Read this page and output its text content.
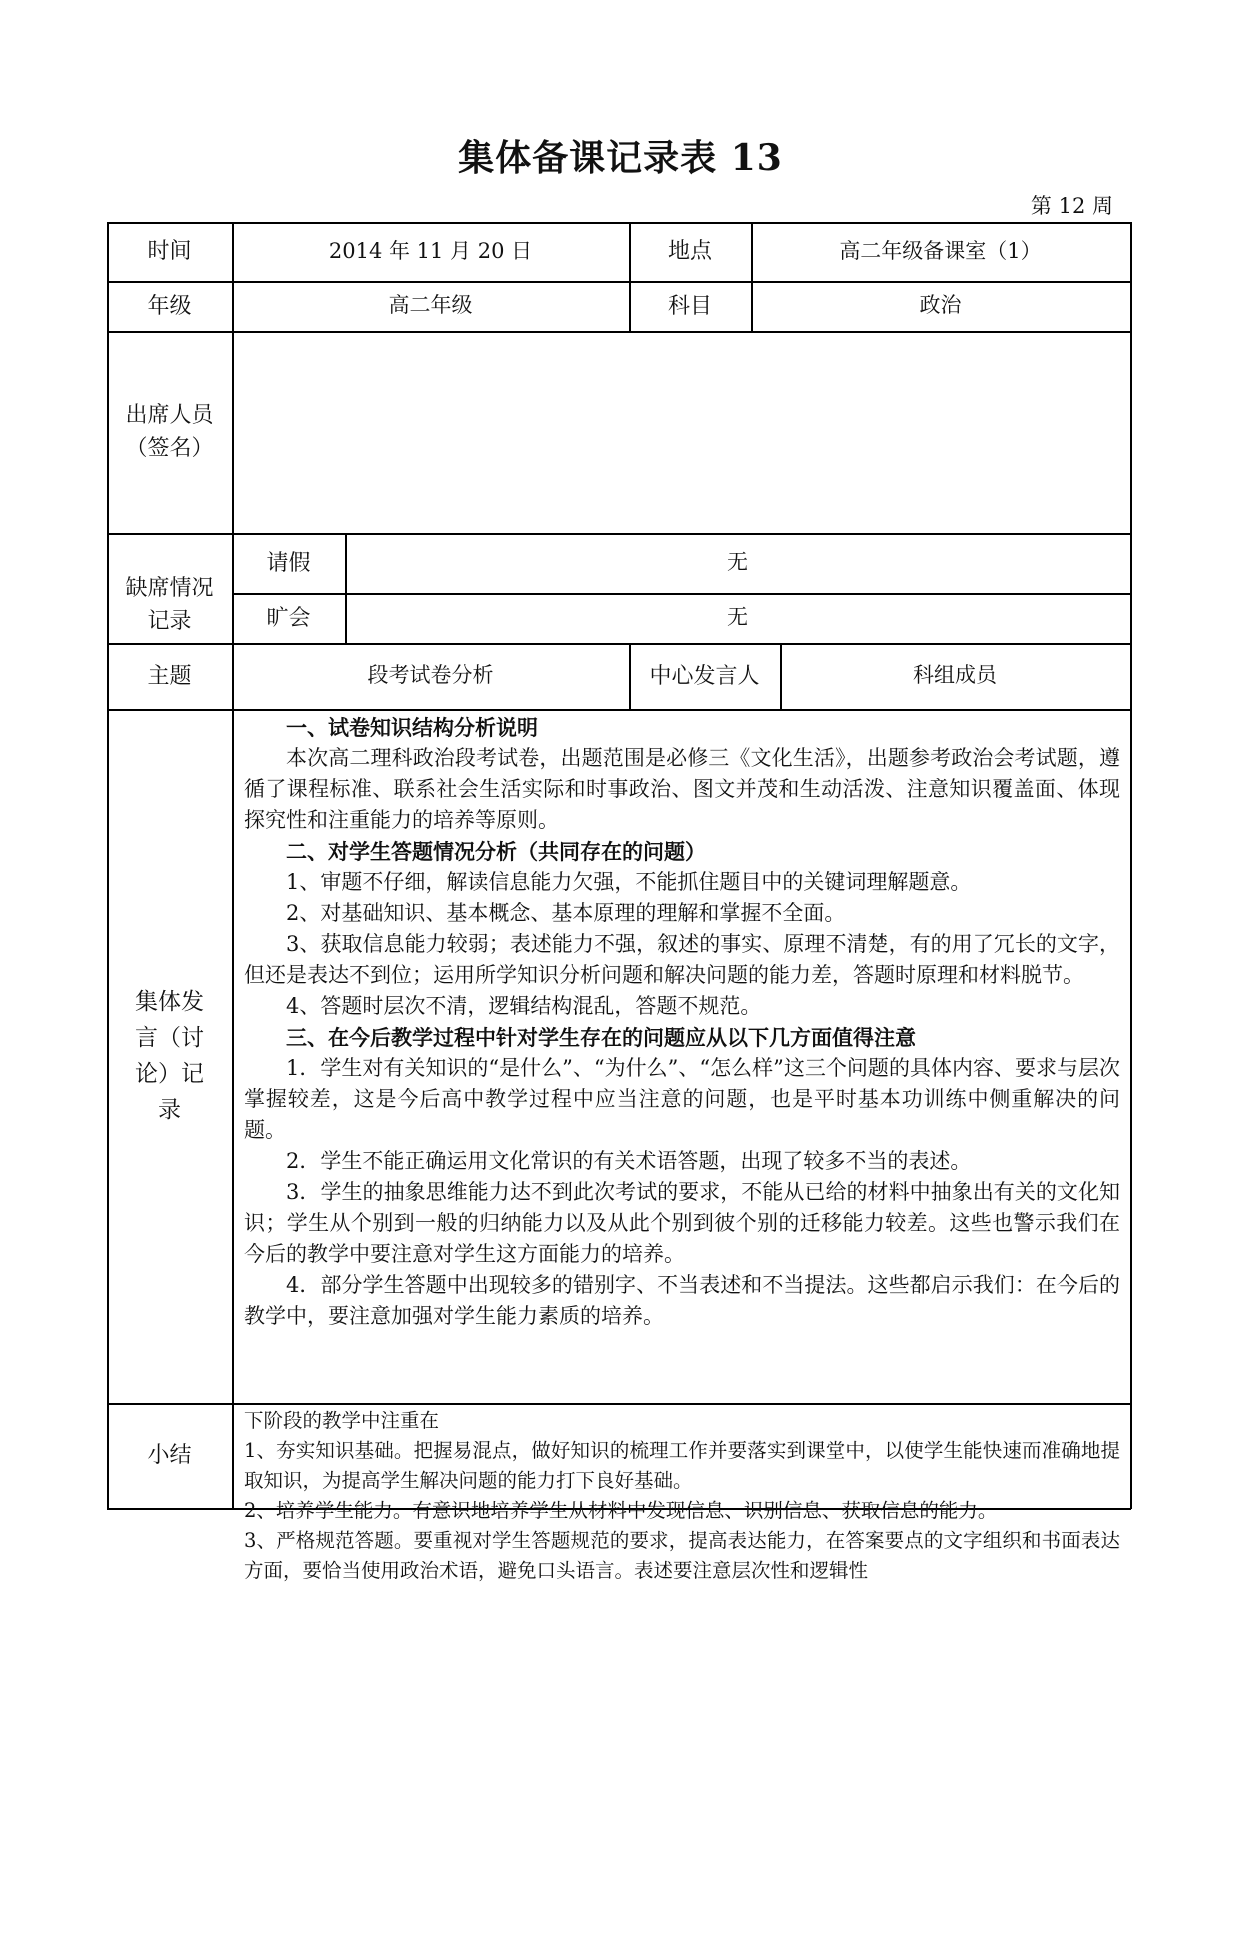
集体备课记录表 13
第 12 周
时间	2014 年 11 月 20 日	地点	高二年级备课室（1）
年级	高二年级	科目	政治
出席人员（签名）
缺席情况记录
请假	无
旷会	无
主题	段考试卷分析	中心发言人	科组成员
集体发言（讨论）记录

一、试卷知识结构分析说明

本次高二理科政治段考试卷，出题范围是必修三《文化生活》，出题参考政治会考试题，遵循了课程标准、联系社会生活实际和时事政治、图文并茂和生动活泼、注意知识覆盖面、体现探究性和注重能力的培养等原则。

二、对学生答题情况分析（共同存在的问题）

1、审题不仔细，解读信息能力欠强，不能抓住题目中的关键词理解题意。

2、对基础知识、基本概念、基本原理的理解和掌握不全面。

3、获取信息能力较弱；表述能力不强，叙述的事实、原理不清楚，有的用了冗长的文字，但还是表达不到位；运用所学知识分析问题和解决问题的能力差，答题时原理和材料脱节。

4、答题时层次不清，逻辑结构混乱，答题不规范。

三、在今后教学过程中针对学生存在的问题应从以下几方面值得注意

1．学生对有关知识的“是什么”、“为什么”、“怎么样”这三个问题的具体内容、要求与层次掌握较差，这是今后高中教学过程中应当注意的问题，也是平时基本功训练中侧重解决的问题。

2．学生不能正确运用文化常识的有关术语答题，出现了较多不当的表述。

3．学生的抽象思维能力达不到此次考试的要求，不能从已给的材料中抽象出有关的文化知识；学生从个别到一般的归纳能力以及从此个别到彼个别的迁移能力较差。这些也警示我们在今后的教学中要注意对学生这方面能力的培养。

4．部分学生答题中出现较多的错别字、不当表述和不当提法。这些都启示我们：在今后的教学中，要注意加强对学生能力素质的培养。

小结

下阶段的教学中注重在

1、夯实知识基础。把握易混点，做好知识的梳理工作并要落实到课堂中，以使学生能快速而准确地提取知识，为提高学生解决问题的能力打下良好基础。

2、培养学生能力。有意识地培养学生从材料中发现信息、识别信息、获取信息的能力。

3、严格规范答题。要重视对学生答题规范的要求，提高表达能力，在答案要点的文字组织和书面表达方面，要恰当使用政治术语，避免口头语言。表述要注意层次性和逻辑性
